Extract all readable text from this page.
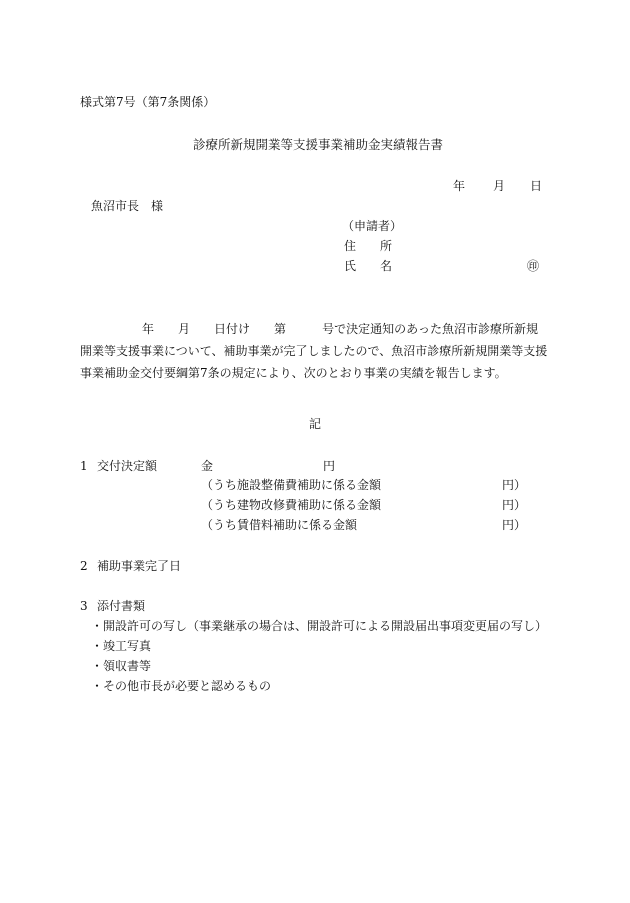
様式第7号（第7条関係）
診療所新規開業等支援事業補助金実績報告書
年 月 日
魚沼市長　様
（申請者）
住　　所
氏　　名	㊞
年 月 日付け 第	号で決定通知のあった魚沼市診療所新規
開業等支援事業について、補助事業が完了しましたので、魚沼市診療所新規開業等支援
事業補助金交付要綱第7条の規定により、次のとおり事業の実績を報告します。
記
1 交付決定額	金	円
（うち施設整備費補助に係る金額	円）
（うち建物改修費補助に係る金額	円）
（うち賃借料補助に係る金額	円）
2 補助事業完了日
3 添付書類
・開設許可の写し（事業継承の場合は、開設許可による開設届出事項変更届の写し）
・竣工写真
・領収書等
・その他市長が必要と認めるもの
